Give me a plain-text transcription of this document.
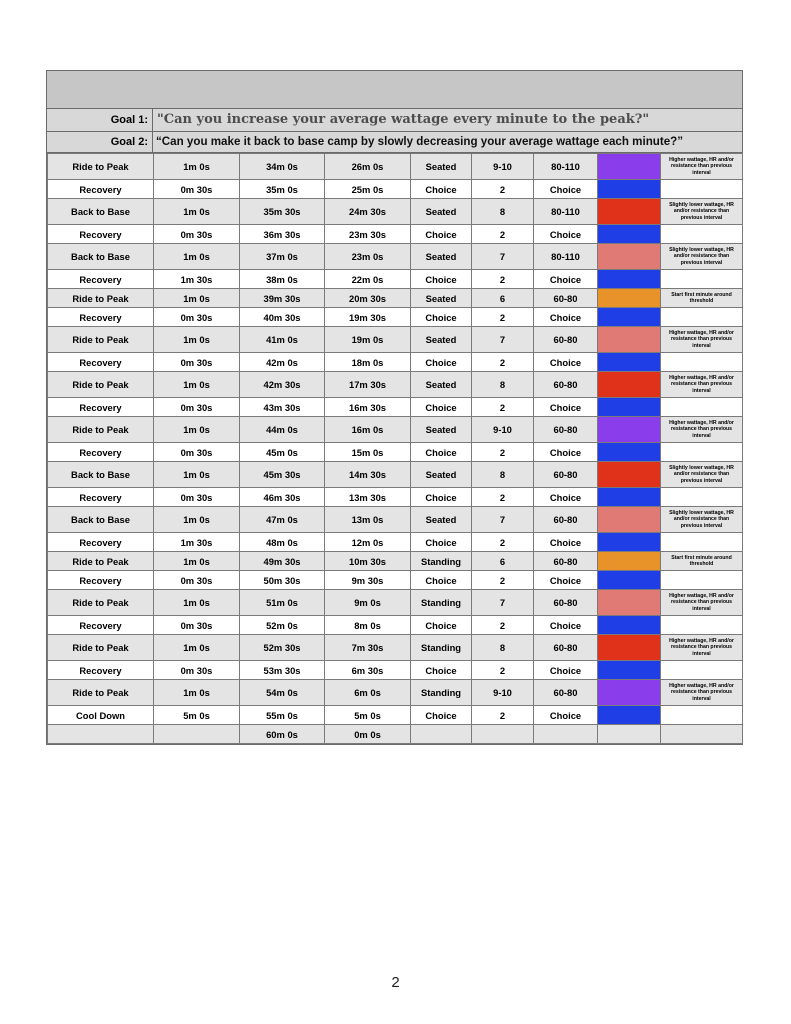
Goal 1: "Can you increase your average wattage every minute to the peak?"
Goal 2: “Can you make it back to base camp by slowly decreasing your average wattage each minute?”
Ride to Peak	1m 0s	34m 0s	26m 0s	Seated	9-10	80-110		Higher wattage, HR and/or resistance than previous interval
Recovery	0m 30s	35m 0s	25m 0s	Choice	2	Choice		
Back to Base	1m 0s	35m 30s	24m 30s	Seated	8	80-110		Slightly lower wattage, HR and/or resistance than previous interval
Recovery	0m 30s	36m 30s	23m 30s	Choice	2	Choice		
Back to Base	1m 0s	37m 0s	23m 0s	Seated	7	80-110		Slightly lower wattage, HR and/or resistance than previous interval
Recovery	1m 30s	38m 0s	22m 0s	Choice	2	Choice		
Ride to Peak	1m 0s	39m 30s	20m 30s	Seated	6	60-80		Start first minute around threshold
Recovery	0m 30s	40m 30s	19m 30s	Choice	2	Choice		
Ride to Peak	1m 0s	41m 0s	19m 0s	Seated	7	60-80		Higher wattage, HR and/or resistance than previous interval
Recovery	0m 30s	42m 0s	18m 0s	Choice	2	Choice		
Ride to Peak	1m 0s	42m 30s	17m 30s	Seated	8	60-80		Higher wattage, HR and/or resistance than previous interval
Recovery	0m 30s	43m 30s	16m 30s	Choice	2	Choice		
Ride to Peak	1m 0s	44m 0s	16m 0s	Seated	9-10	60-80		Higher wattage, HR and/or resistance than previous interval
Recovery	0m 30s	45m 0s	15m 0s	Choice	2	Choice		
Back to Base	1m 0s	45m 30s	14m 30s	Seated	8	60-80		Slightly lower wattage, HR and/or resistance than previous interval
Recovery	0m 30s	46m 30s	13m 30s	Choice	2	Choice		
Back to Base	1m 0s	47m 0s	13m 0s	Seated	7	60-80		Slightly lower wattage, HR and/or resistance than previous interval
Recovery	1m 30s	48m 0s	12m 0s	Choice	2	Choice		
Ride to Peak	1m 0s	49m 30s	10m 30s	Standing	6	60-80		Start first minute around threshold
Recovery	0m 30s	50m 30s	9m 30s	Choice	2	Choice		
Ride to Peak	1m 0s	51m 0s	9m 0s	Standing	7	60-80		Higher wattage, HR and/or resistance than previous interval
Recovery	0m 30s	52m 0s	8m 0s	Choice	2	Choice		
Ride to Peak	1m 0s	52m 30s	7m 30s	Standing	8	60-80		Higher wattage, HR and/or resistance than previous interval
Recovery	0m 30s	53m 30s	6m 30s	Choice	2	Choice		
Ride to Peak	1m 0s	54m 0s	6m 0s	Standing	9-10	60-80		Higher wattage, HR and/or resistance than previous interval
Cool Down	5m 0s	55m 0s	5m 0s	Choice	2	Choice		
		60m 0s	0m 0s					
2
